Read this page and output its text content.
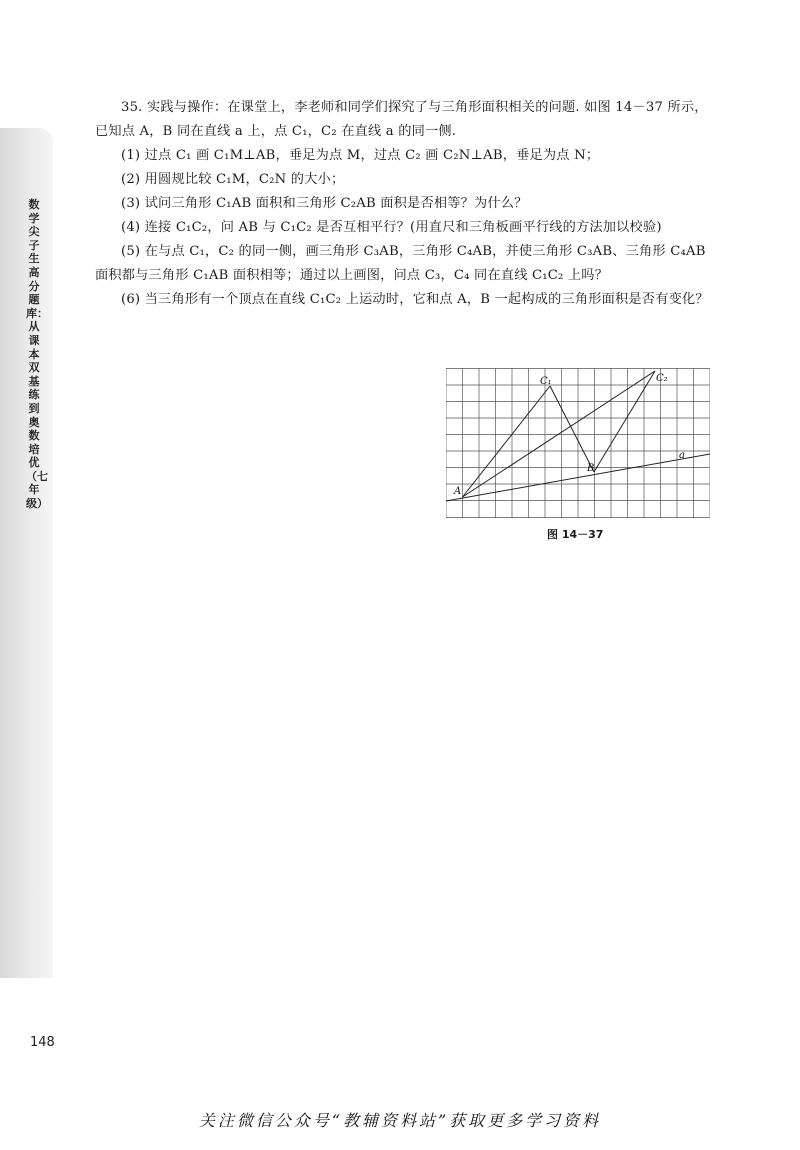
数学尖子生高分题库：从课本双基练到奥数培优（七年级）

35. 实践与操作：在课堂上，李老师和同学们探究了与三角形面积相关的问题. 如图 14－37 所示，已知点 A，B 同在直线 a 上，点 C₁，C₂ 在直线 a 的同一侧.

(1) 过点 C₁ 画 C₁M⊥AB，垂足为点 M，过点 C₂ 画 C₂N⊥AB，垂足为点 N；

(2) 用圆规比较 C₁M，C₂N 的大小；

(3) 试问三角形 C₁AB 面积和三角形 C₂AB 面积是否相等？为什么？

(4) 连接 C₁C₂，问 AB 与 C₁C₂ 是否互相平行？(用直尺和三角板画平行线的方法加以校验)

(5) 在与点 C₁，C₂ 的同一侧，画三角形 C₃AB，三角形 C₄AB，并使三角形 C₃AB、三角形 C₄AB 面积都与三角形 C₁AB 面积相等；通过以上画图，问点 C₃，C₄ 同在直线 C₁C₂ 上吗？

(6) 当三角形有一个顶点在直线 C₁C₂ 上运动时，它和点 A，B 一起构成的三角形面积是否有变化？

A
B
C₁	C₂
a
图 14－37
148
关注微信公众号“教辅资料站”获取更多学习资料
